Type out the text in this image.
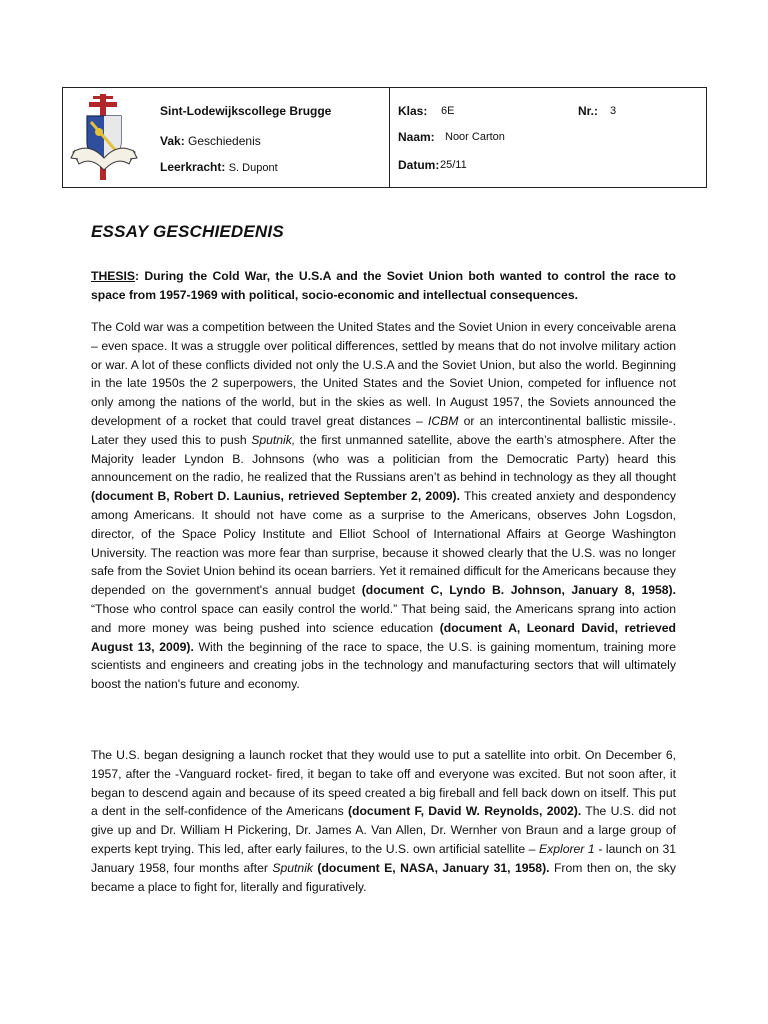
Sint-Lodewijkscollege Brugge
Vak: Geschiedenis
Leerkracht: S. Dupont
Klas: 6E	Nr.: 3
Naam: Noor Carton
Datum: 25/11
ESSAY GESCHIEDENIS
THESIS: During the Cold War, the U.S.A and the Soviet Union both wanted to control the race to space from 1957-1969 with political, socio-economic and intellectual consequences.
The Cold war was a competition between the United States and the Soviet Union in every conceivable arena – even space. It was a struggle over political differences, settled by means that do not involve military action or war. A lot of these conflicts divided not only the U.S.A and the Soviet Union, but also the world. Beginning in the late 1950s the 2 superpowers, the United States and the Soviet Union, competed for influence not only among the nations of the world, but in the skies as well. In August 1957, the Soviets announced the development of a rocket that could travel great distances – ICBM or an intercontinental ballistic missile-. Later they used this to push Sputnik, the first unmanned satellite, above the earth’s atmosphere. After the Majority leader Lyndon B. Johnsons (who was a politician from the Democratic Party) heard this announcement on the radio, he realized that the Russians aren’t as behind in technology as they all thought (document B, Robert D. Launius, retrieved September 2, 2009). This created anxiety and despondency among Americans. It should not have come as a surprise to the Americans, observes John Logsdon, director, of the Space Policy Institute and Elliot School of International Affairs at George Washington University. The reaction was more fear than surprise, because it showed clearly that the U.S. was no longer safe from the Soviet Union behind its ocean barriers. Yet it remained difficult for the Americans because they depended on the government's annual budget (document C, Lyndo B. Johnson, January 8, 1958). “Those who control space can easily control the world.” That being said, the Americans sprang into action and more money was being pushed into science education (document A, Leonard David, retrieved August 13, 2009). With the beginning of the race to space, the U.S. is gaining momentum, training more scientists and engineers and creating jobs in the technology and manufacturing sectors that will ultimately boost the nation's future and economy.
The U.S. began designing a launch rocket that they would use to put a satellite into orbit. On December 6, 1957, after the -Vanguard rocket- fired, it began to take off and everyone was excited. But not soon after, it began to descend again and because of its speed created a big fireball and fell back down on itself. This put a dent in the self-confidence of the Americans (document F, David W. Reynolds, 2002). The U.S. did not give up and Dr. William H Pickering, Dr. James A. Van Allen, Dr. Wernher von Braun and a large group of experts kept trying. This led, after early failures, to the U.S. own artificial satellite – Explorer 1 - launch on 31 January 1958, four months after Sputnik (document E, NASA, January 31, 1958). From then on, the sky became a place to fight for, literally and figuratively.
